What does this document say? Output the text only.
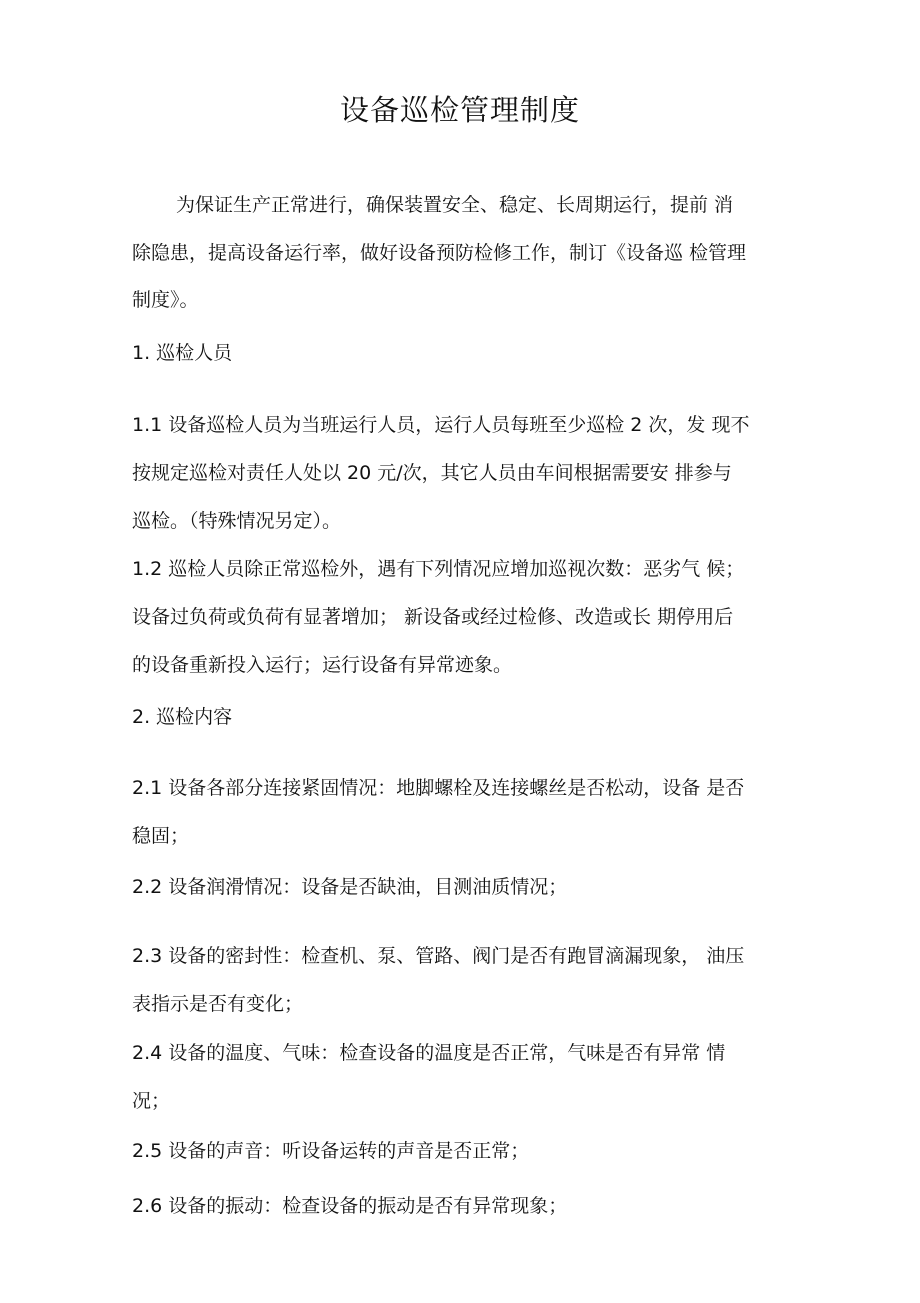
设备巡检管理制度
为保证生产正常进行，确保装置安全、稳定、长周期运行，提前 消
除隐患，提高设备运行率，做好设备预防检修工作，制订《设备巡 检管理
制度》。
1. 巡检人员
1.1 设备巡检人员为当班运行人员，运行人员每班至少巡检 2 次，发 现不
按规定巡检对责任人处以 20 元/次，其它人员由车间根据需要安 排参与
巡检。（特殊情况另定）。
1.2 巡检人员除正常巡检外，遇有下列情况应增加巡视次数：恶劣气 候；
设备过负荷或负荷有显著增加； 新设备或经过检修、改造或长 期停用后
的设备重新投入运行；运行设备有异常迹象。
2. 巡检内容
2.1 设备各部分连接紧固情况：地脚螺栓及连接螺丝是否松动，设备 是否
稳固；
2.2 设备润滑情况：设备是否缺油，目测油质情况；
2.3 设备的密封性：检查机、泵、管路、阀门是否有跑冒滴漏现象， 油压
表指示是否有变化；
2.4 设备的温度、气味：检查设备的温度是否正常，气味是否有异常 情
况；
2.5 设备的声音：听设备运转的声音是否正常；
2.6 设备的振动：检查设备的振动是否有异常现象；
